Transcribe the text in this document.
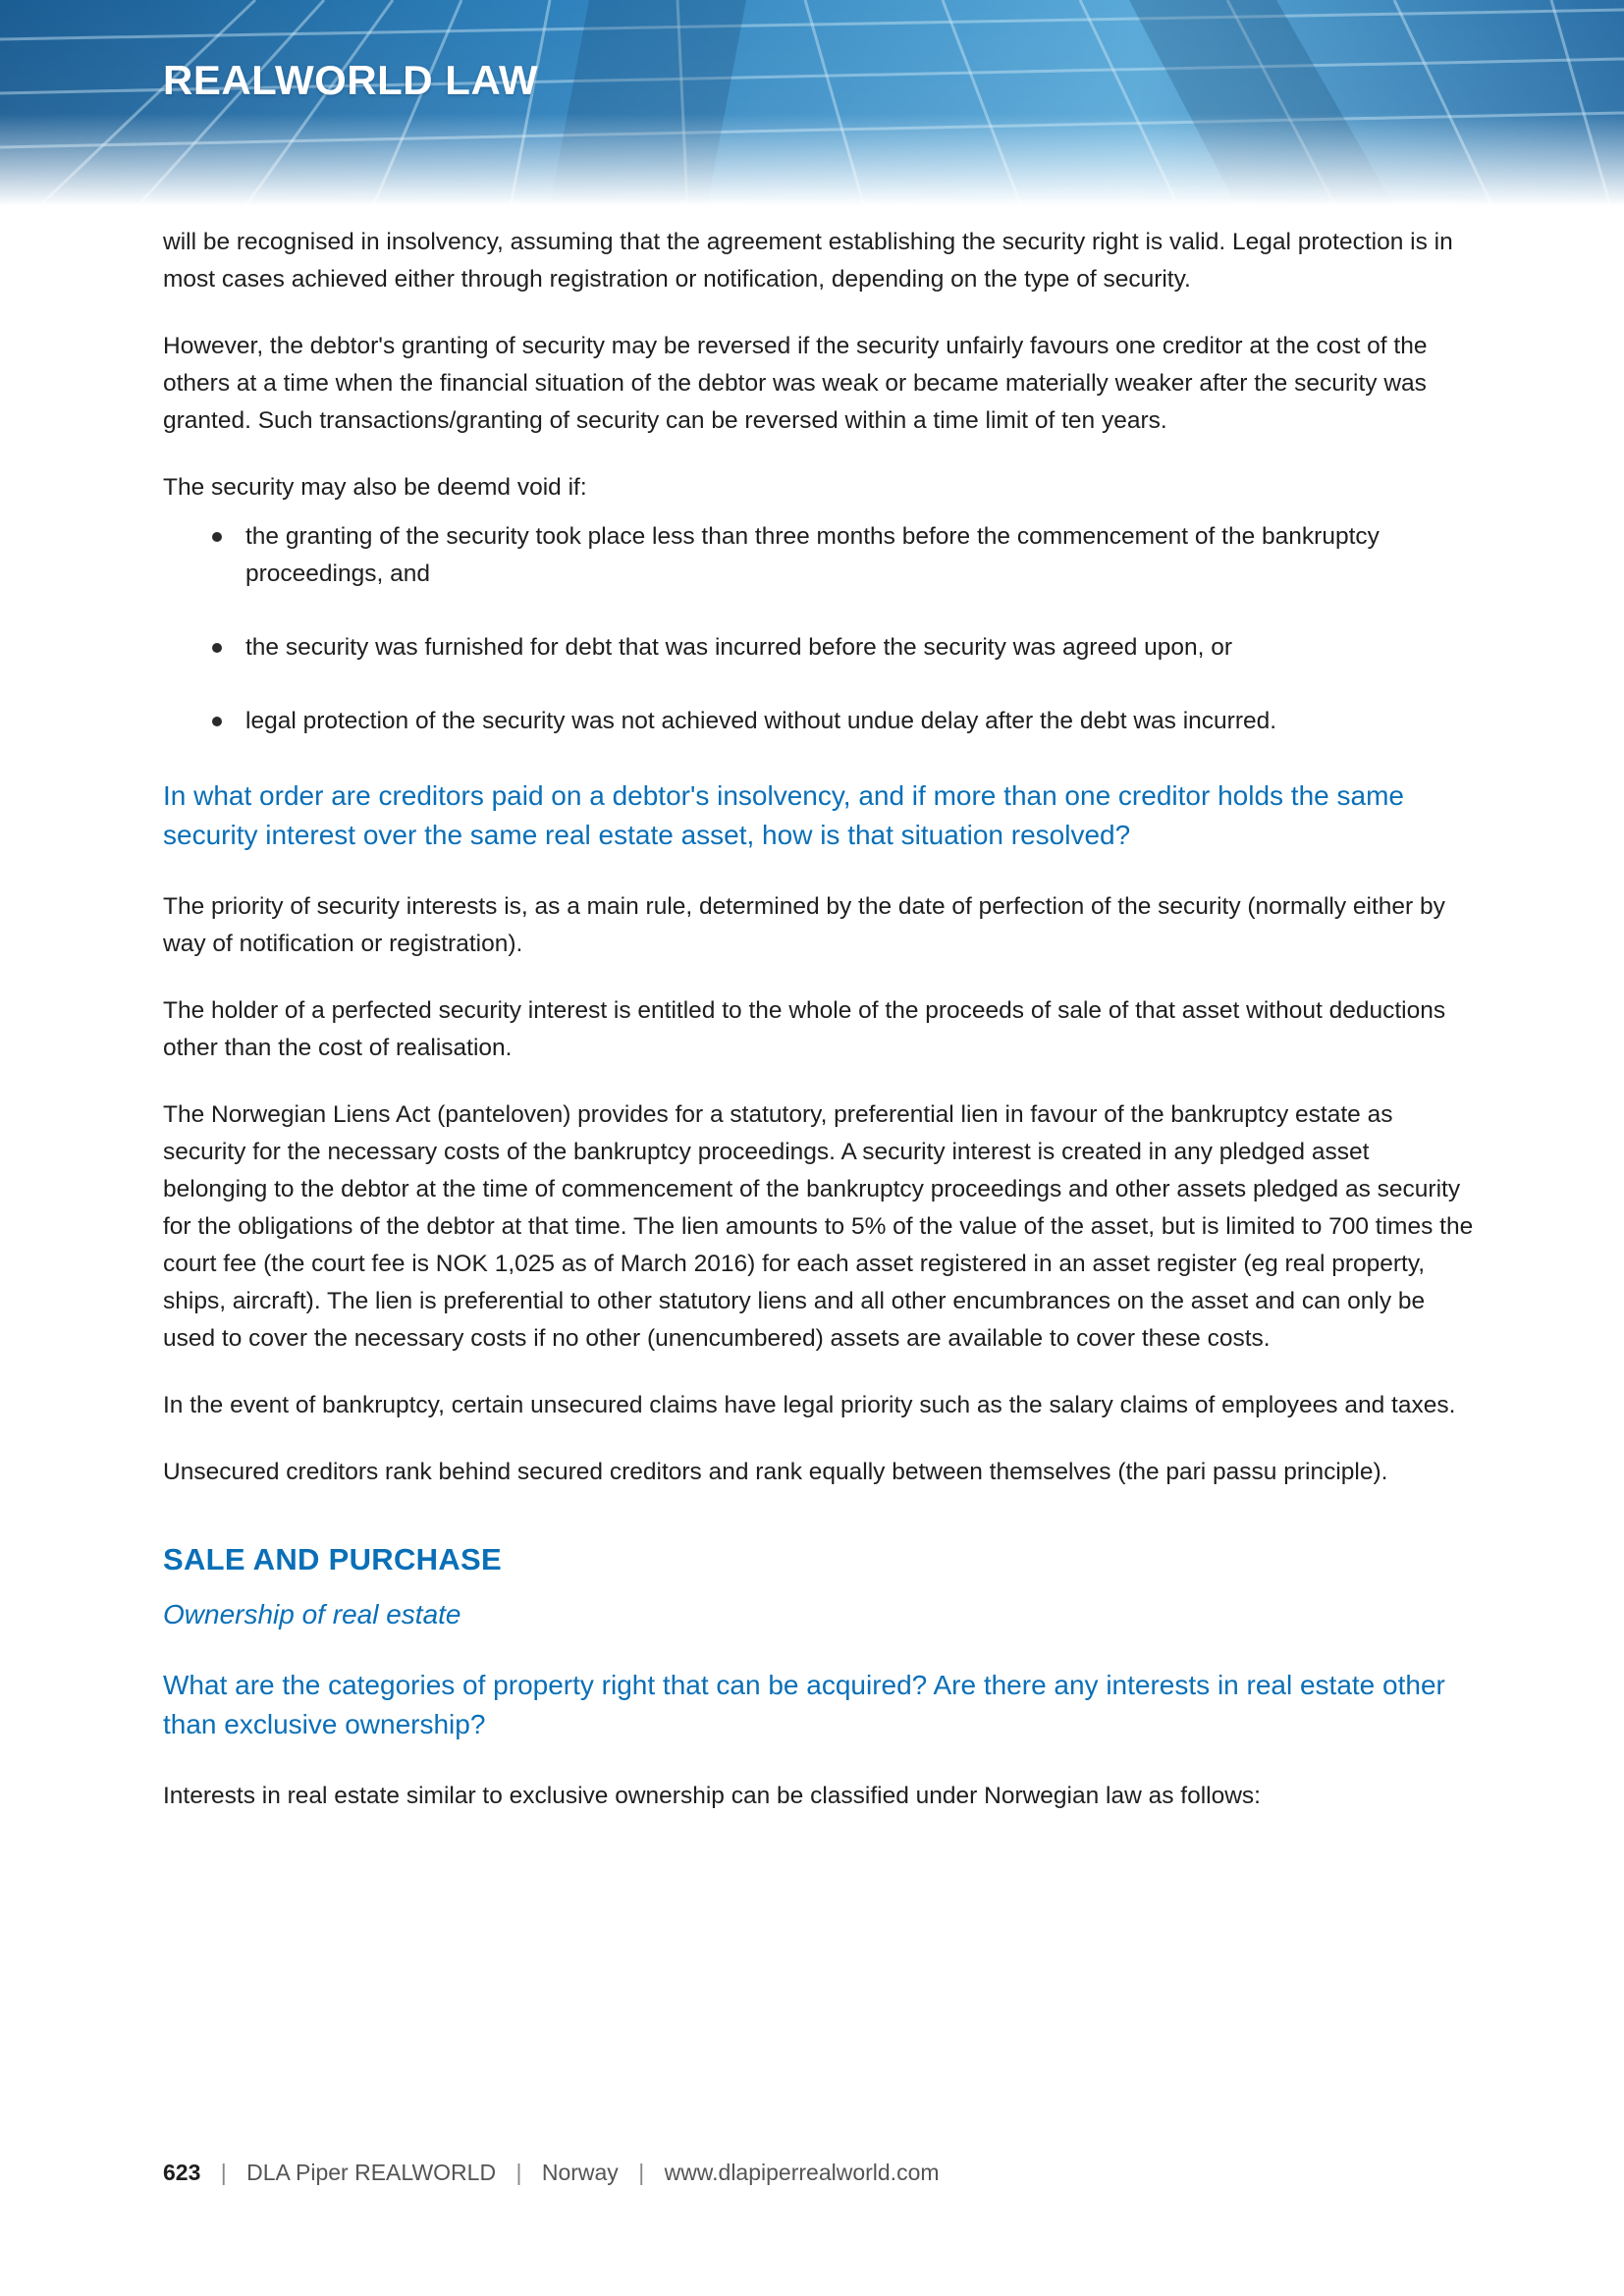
REALWORLD LAW

will be recognised in insolvency, assuming that the agreement establishing the security right is valid. Legal protection is in most cases achieved either through registration or notification, depending on the type of security.

However, the debtor's granting of security may be reversed if the security unfairly favours one creditor at the cost of the others at a time when the financial situation of the debtor was weak or became materially weaker after the security was granted. Such transactions/granting of security can be reversed within a time limit of ten years.

The security may also be deemd void if:

the granting of the security took place less than three months before the commencement of the bankruptcy proceedings, and
the security was furnished for debt that was incurred before the security was agreed upon, or
legal protection of the security was not achieved without undue delay after the debt was incurred.
In what order are creditors paid on a debtor's insolvency, and if more than one creditor holds the same security interest over the same real estate asset, how is that situation resolved?

The priority of security interests is, as a main rule, determined by the date of perfection of the security (normally either by way of notification or registration).

The holder of a perfected security interest is entitled to the whole of the proceeds of sale of that asset without deductions other than the cost of realisation.

The Norwegian Liens Act (panteloven) provides for a statutory, preferential lien in favour of the bankruptcy estate as security for the necessary costs of the bankruptcy proceedings. A security interest is created in any pledged asset belonging to the debtor at the time of commencement of the bankruptcy proceedings and other assets pledged as security for the obligations of the debtor at that time. The lien amounts to 5% of the value of the asset, but is limited to 700 times the court fee (the court fee is NOK 1,025 as of March 2016) for each asset registered in an asset register (eg real property, ships, aircraft). The lien is preferential to other statutory liens and all other encumbrances on the asset and can only be used to cover the necessary costs if no other (unencumbered) assets are available to cover these costs.

In the event of bankruptcy, certain unsecured claims have legal priority such as the salary claims of employees and taxes.

Unsecured creditors rank behind secured creditors and rank equally between themselves (the pari passu principle).

SALE AND PURCHASE
Ownership of real estate
What are the categories of property right that can be acquired? Are there any interests in real estate other than exclusive ownership?

Interests in real estate similar to exclusive ownership can be classified under Norwegian law as follows:

623 | DLA Piper REALWORLD | Norway | www.dlapiperrealworld.com
